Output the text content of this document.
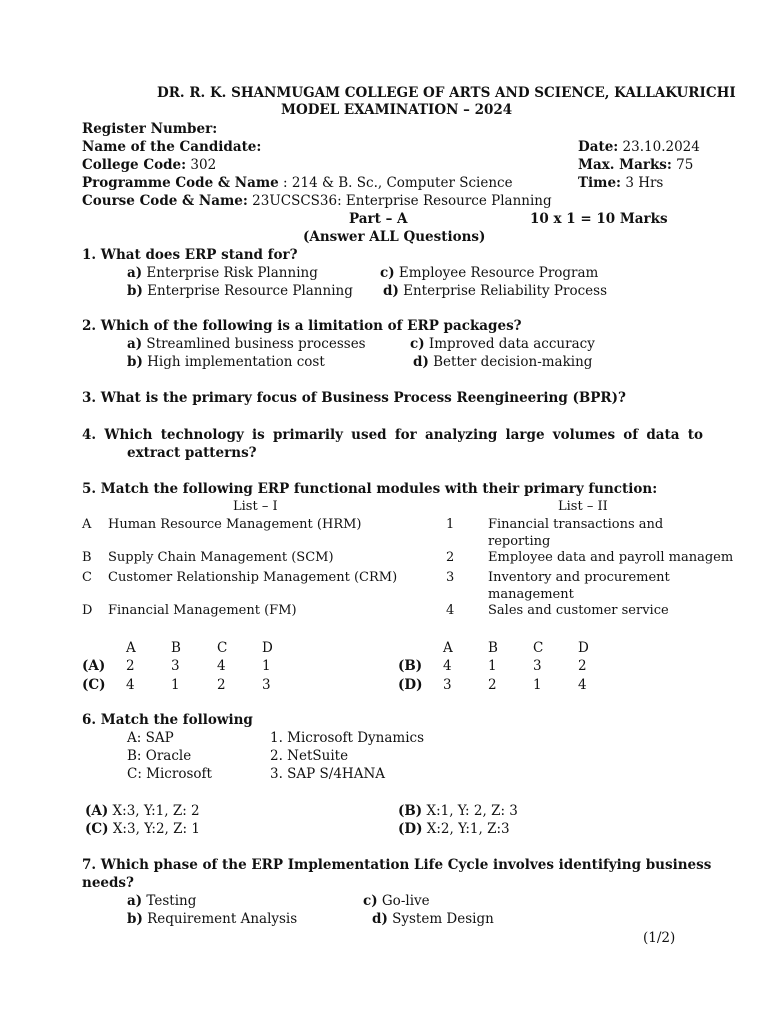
DR. R. K. SHANMUGAM COLLEGE OF ARTS AND SCIENCE, KALLAKURICHI
MODEL EXAMINATION – 2024
Register Number:
Name of the Candidate:	Date: 23.10.2024
College Code: 302	Max. Marks: 75
Programme Code & Name : 214 & B. Sc., Computer Science	Time: 3 Hrs
Course Code & Name: 23UCSCS36: Enterprise Resource Planning
Part – A	10 x 1 = 10 Marks
(Answer ALL Questions)
1. What does ERP stand for?
a) Enterprise Risk Planning	c) Employee Resource Program
b) Enterprise Resource Planning d) Enterprise Reliability Process
2. Which of the following is a limitation of ERP packages?
a) Streamlined business processes	c) Improved data accuracy
b) High implementation cost	d) Better decision-making
3. What is the primary focus of Business Process Reengineering (BPR)?
4. Which technology is primarily used for analyzing large volumes of data to
extract patterns?
5. Match the following ERP functional modules with their primary function:
List – I	List – II
A Human Resource Management (HRM)	1	Financial transactions and
reporting
B Supply Chain Management (SCM)	2	Employee data and payroll managem
C Customer Relationship Management (CRM)	3	Inventory and procurement
management
D Financial Management (FM)	4	Sales and customer service
A	B	C	D	A	B	C	D
(A) 2	3	4	1	(B) 4	1	3	2
(C) 4	1	2	3	(D) 3	2	1	4
6. Match the following
A: SAP	1. Microsoft Dynamics
B: Oracle	2. NetSuite
C: Microsoft	3. SAP S/4HANA
(A) X:3, Y:1, Z: 2	(B) X:1, Y: 2, Z: 3
(C) X:3, Y:2, Z: 1	(D) X:2, Y:1, Z:3
7. Which phase of the ERP Implementation Life Cycle involves identifying business
needs?
a) Testing	c) Go-live
b) Requirement Analysis	d) System Design
(1/2)
